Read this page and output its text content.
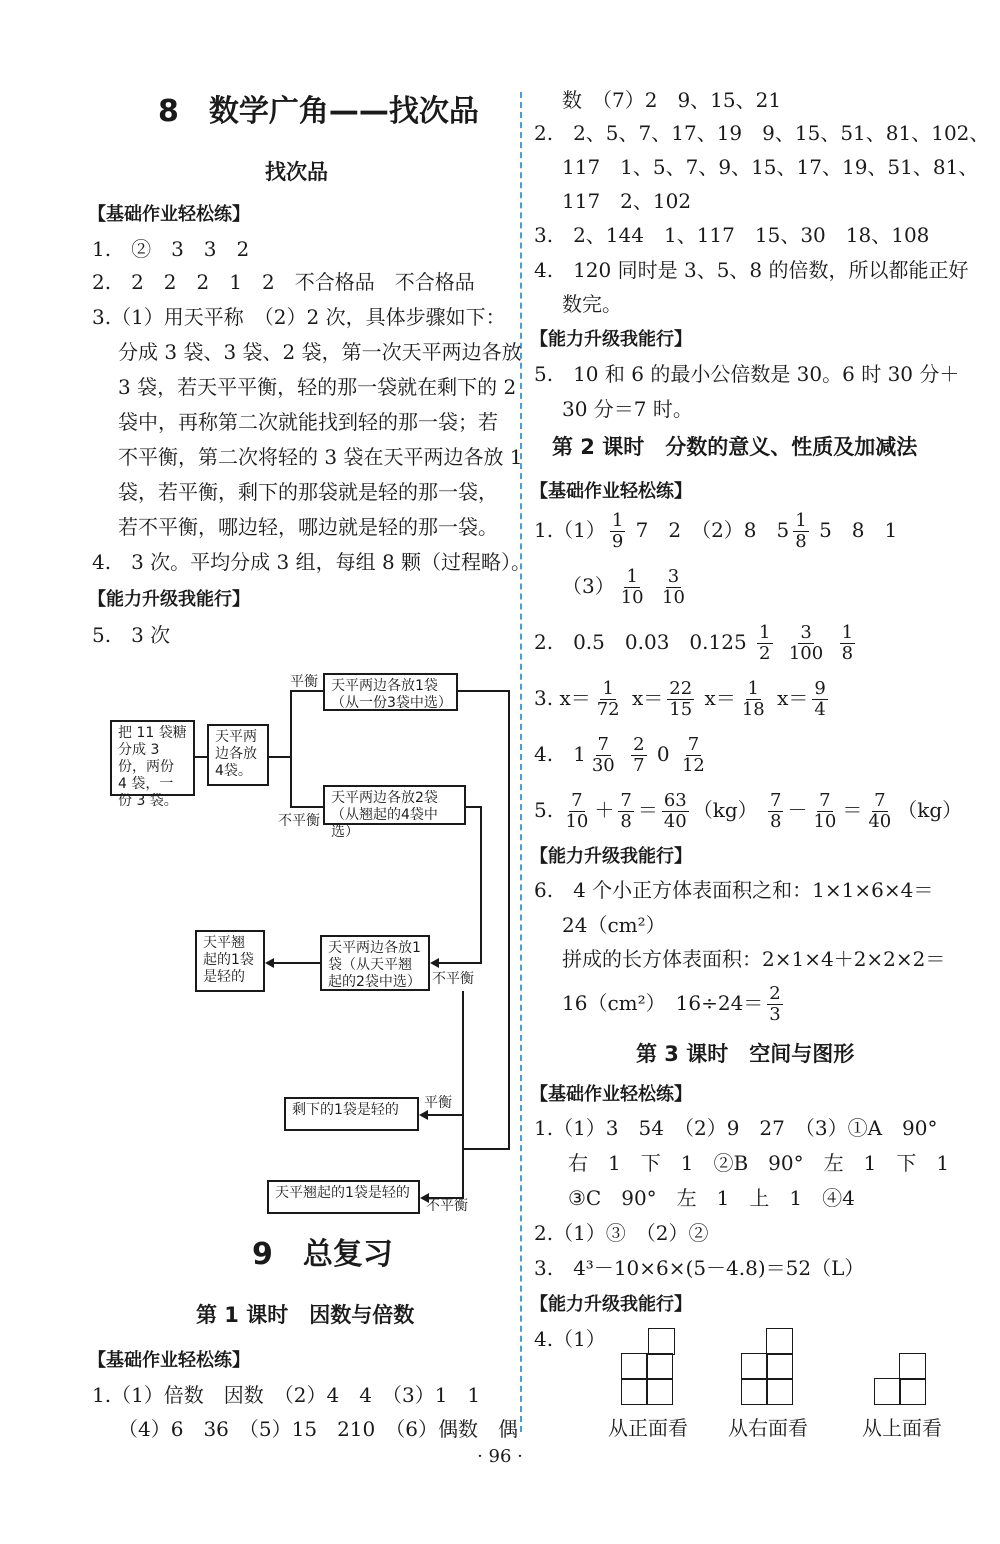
8　数学广角——找次品
找次品
【基础作业轻松练】
1.　②　3　3　2
2.　2　2　2　1　2　不合格品　不合格品
3.（1）用天平称　（2）2 次，具体步骤如下：
分成 3 袋、3 袋、2 袋，第一次天平两边各放
3 袋，若天平平衡，轻的那一袋就在剩下的 2
袋中，再称第二次就能找到轻的那一袋；若
不平衡，第二次将轻的 3 袋在天平两边各放 1
袋，若平衡，剩下的那袋就是轻的那一袋，
若不平衡，哪边轻，哪边就是轻的那一袋。
4.　3 次。平均分成 3 组，每组 8 颗（过程略）。
【能力升级我能行】
5.　3 次
把 11 袋糖分成 3 份，两份 4 袋，一份 3 袋。
天平两边各放4袋。
天平两边各放1袋（从一份3袋中选）
天平两边各放2袋（从翘起的4袋中选）
天平两边各放1袋（从天平翘起的2袋中选）
天平翘起的1袋是轻的
剩下的1袋是轻的
天平翘起的1袋是轻的
平衡
不平衡
不平衡
平衡
不平衡
9　总复习
第 1 课时　因数与倍数
【基础作业轻松练】
1.（1）倍数　因数　（2）4　4　（3）1　1
（4）6　36　（5）15　210　（6）偶数　偶
数　（7）2　9、15、21
2.　2、5、7、17、19　9、15、51、81、102、
117　1、5、7、9、15、17、19、51、81、
117　2、102
3.　2、144　1、117　15、30　18、108
4.　120 同时是 3、5、8 的倍数，所以都能正好
数完。
【能力升级我能行】
5.　10 和 6 的最小公倍数是 30。6 时 30 分＋
30 分＝7 时。
第 2 课时　分数的意义、性质及加减法
【基础作业轻松练】
$1.(1) \frac{1}{9} 7$　2　（2）8　$5 \frac{1}{8} 5$　8　1
$(3) \frac{1}{10}$
$\frac{3}{10}$
2.　0.5　0.03　$0.125 \frac{1}{2}$
$\frac{3}{100}$
$\frac{1}{8}$
3. $x= \frac{1}{72} x= \frac{22}{15} x= \frac{1}{18} x= \frac{9}{4}$
4.　$1 \frac{7}{30}$
$\frac{2}{7} 0 \frac{7}{12}$
5. $\frac{7}{10} + \frac{7}{8} = \frac{63}{40} (kg) \frac{7}{8} - \frac{7}{10} = \frac{7}{40} (kg)$
【能力升级我能行】
6.　4 个小正方体表面积之和：1×1×6×4＝
24（cm²）
拼成的长方体表面积：2×1×4＋2×2×2＝
16（cm²）　$16\div 24= \frac{2}{3}$
第 3 课时　空间与图形
【基础作业轻松练】
1.（1）3　54　（2）9　27　（3）①A　90°
右　1　下　1　②B　90°　左　1　下　1
③C　90°　左　1　上　1　④4
2.（1）③　（2）②
3.　4³－10×6×(5－4.8)＝52（L）
【能力升级我能行】
4.（1）
从正面看 从右面看	从上面看
· 96 ·
